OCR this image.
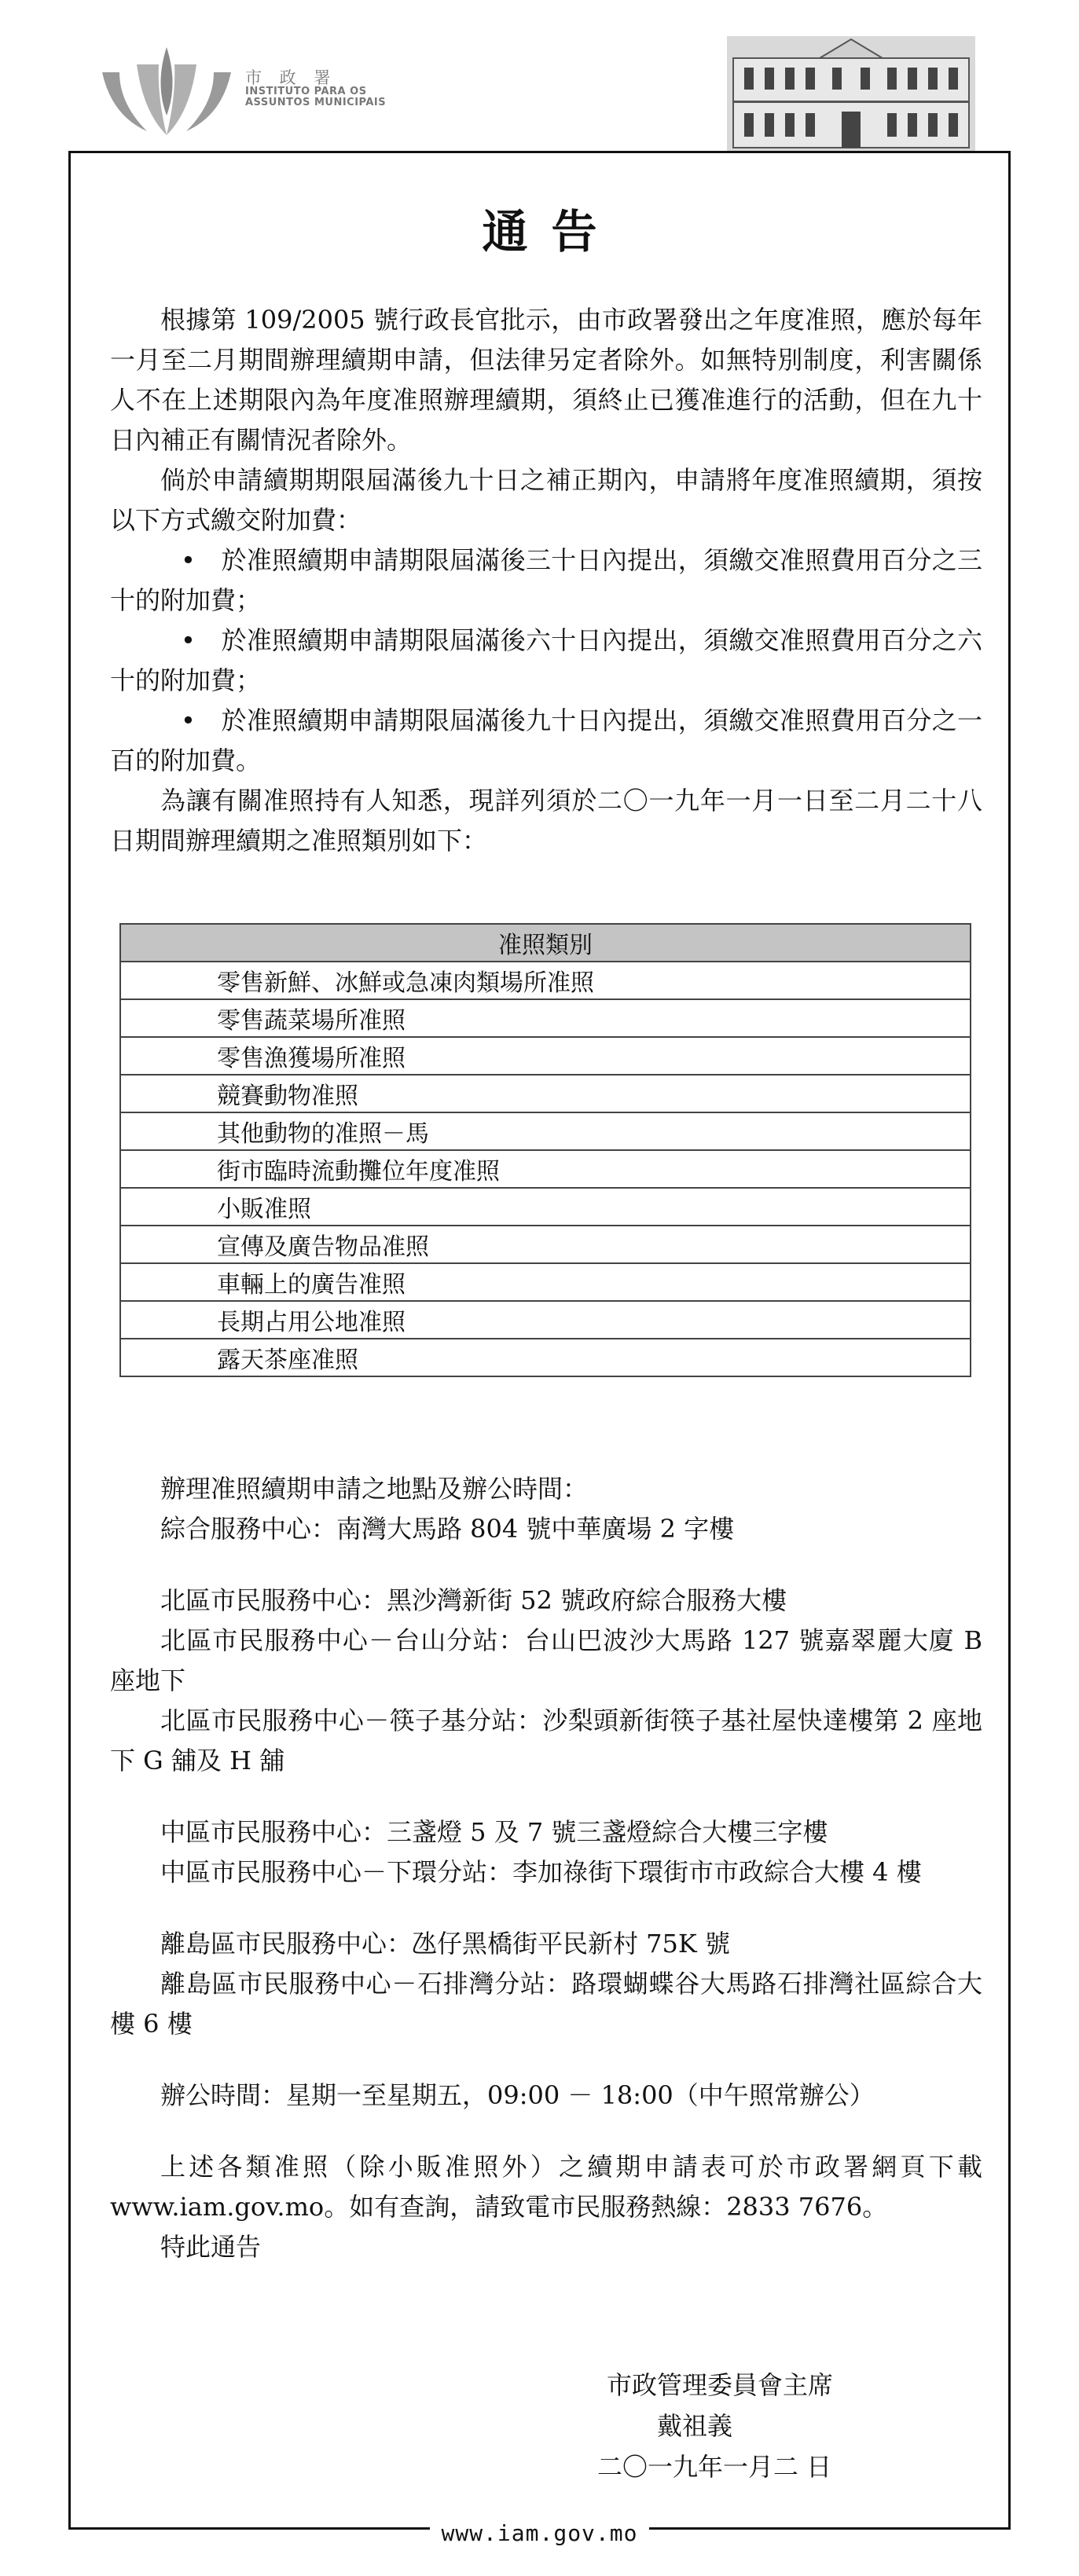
市 政 署
INSTITUTO PARA OS
ASSUNTOS MUNICIPAIS
通告

根據第 109/2005 號行政長官批示，由市政署發出之年度准照，應於每年一月至二月期間辦理續期申請，但法律另定者除外。如無特別制度，利害關係人不在上述期限內為年度准照辦理續期，須終止已獲准進行的活動，但在九十日內補正有關情況者除外。

倘於申請續期期限屆滿後九十日之補正期內，申請將年度准照續期，須按以下方式繳交附加費：

•　於准照續期申請期限屆滿後三十日內提出，須繳交准照費用百分之三十的附加費；

•　於准照續期申請期限屆滿後六十日內提出，須繳交准照費用百分之六十的附加費；

•　於准照續期申請期限屆滿後九十日內提出，須繳交准照費用百分之一百的附加費。

為讓有關准照持有人知悉，現詳列須於二〇一九年一月一日至二月二十八日期間辦理續期之准照類別如下：

准照類別
零售新鮮、冰鮮或急凍肉類場所准照
零售蔬菜場所准照
零售漁獲場所准照
競賽動物准照
其他動物的准照－馬
街市臨時流動攤位年度准照
小販准照
宣傳及廣告物品准照
車輛上的廣告准照
長期占用公地准照
露天茶座准照

辦理准照續期申請之地點及辦公時間：

綜合服務中心：南灣大馬路 804 號中華廣場 2 字樓

北區市民服務中心：黑沙灣新街 52 號政府綜合服務大樓

北區市民服務中心－台山分站：台山巴波沙大馬路 127 號嘉翠麗大廈 B 座地下

北區市民服務中心－筷子基分站：沙梨頭新街筷子基社屋快達樓第 2 座地下 G 舖及 H 舖

中區市民服務中心：三盞燈 5 及 7 號三盞燈綜合大樓三字樓

中區市民服務中心－下環分站：李加祿街下環街市市政綜合大樓 4 樓

離島區市民服務中心：氹仔黑橋街平民新村 75K 號

離島區市民服務中心－石排灣分站：路環蝴蝶谷大馬路石排灣社區綜合大樓 6 樓

辦公時間：星期一至星期五，09:00 － 18:00（中午照常辦公）

上述各類准照（除小販准照外）之續期申請表可於市政署網頁下載 www.iam.gov.mo。如有查詢，請致電市民服務熱線：2833 7676。

特此通告

市政管理委員會主席
戴祖義
二〇一九年一月二 日
www.iam.gov.mo
